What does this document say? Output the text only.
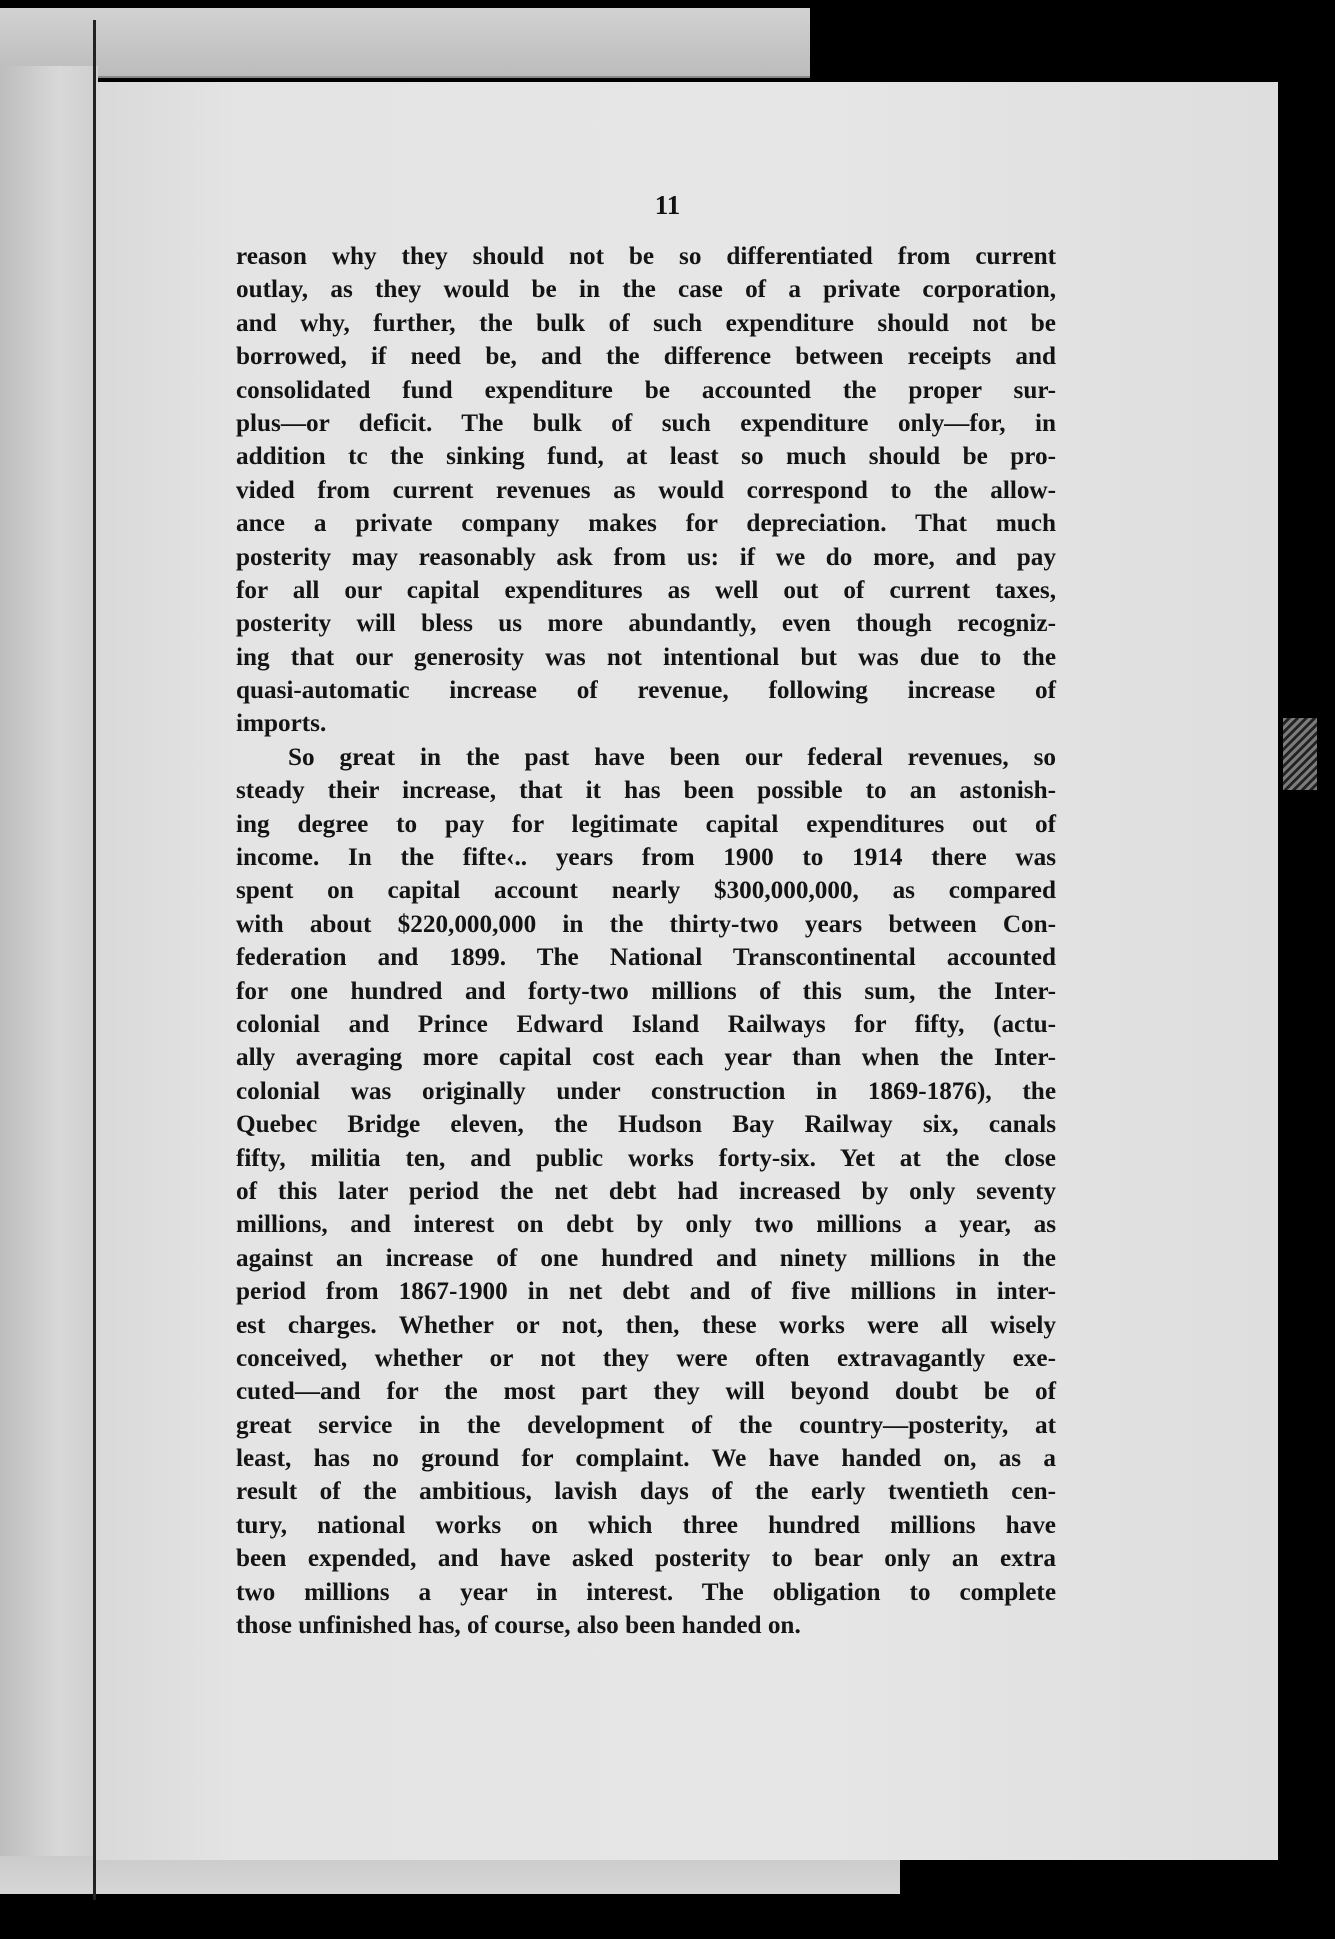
11
reason why they should not be so differentiated from current
outlay, as they would be in the case of a private corporation,
and why, further, the bulk of such expenditure should not be
borrowed, if need be, and the difference between receipts and
consolidated fund expenditure be accounted the proper sur-
plus—or deficit. The bulk of such expenditure only—for, in
addition tc the sinking fund, at least so much should be pro-
vided from current revenues as would correspond to the allow-
ance a private company makes for depreciation. That much
posterity may reasonably ask from us: if we do more, and pay
for all our capital expenditures as well out of current taxes,
posterity will bless us more abundantly, even though recogniz-
ing that our generosity was not intentional but was due to the
quasi-automatic increase of revenue, following increase of
imports.
So great in the past have been our federal revenues, so
steady their increase, that it has been possible to an astonish-
ing degree to pay for legitimate capital expenditures out of
income. In the fifte‹.. years from 1900 to 1914 there was
spent on capital account nearly $300,000,000, as compared
with about $220,000,000 in the thirty-two years between Con-
federation and 1899. The National Transcontinental accounted
for one hundred and forty-two millions of this sum, the Inter-
colonial and Prince Edward Island Railways for fifty, (actu-
ally averaging more capital cost each year than when the Inter-
colonial was originally under construction in 1869-1876), the
Quebec Bridge eleven, the Hudson Bay Railway six, canals
fifty, militia ten, and public works forty-six. Yet at the close
of this later period the net debt had increased by only seventy
millions, and interest on debt by only two millions a year, as
against an increase of one hundred and ninety millions in the
period from 1867-1900 in net debt and of five millions in inter-
est charges. Whether or not, then, these works were all wisely
conceived, whether or not they were often extravagantly exe-
cuted—and for the most part they will beyond doubt be of
great service in the development of the country—posterity, at
least, has no ground for complaint. We have handed on, as a
result of the ambitious, lavish days of the early twentieth cen-
tury, national works on which three hundred millions have
been expended, and have asked posterity to bear only an extra
two millions a year in interest. The obligation to complete
those unfinished has, of course, also been handed on.
